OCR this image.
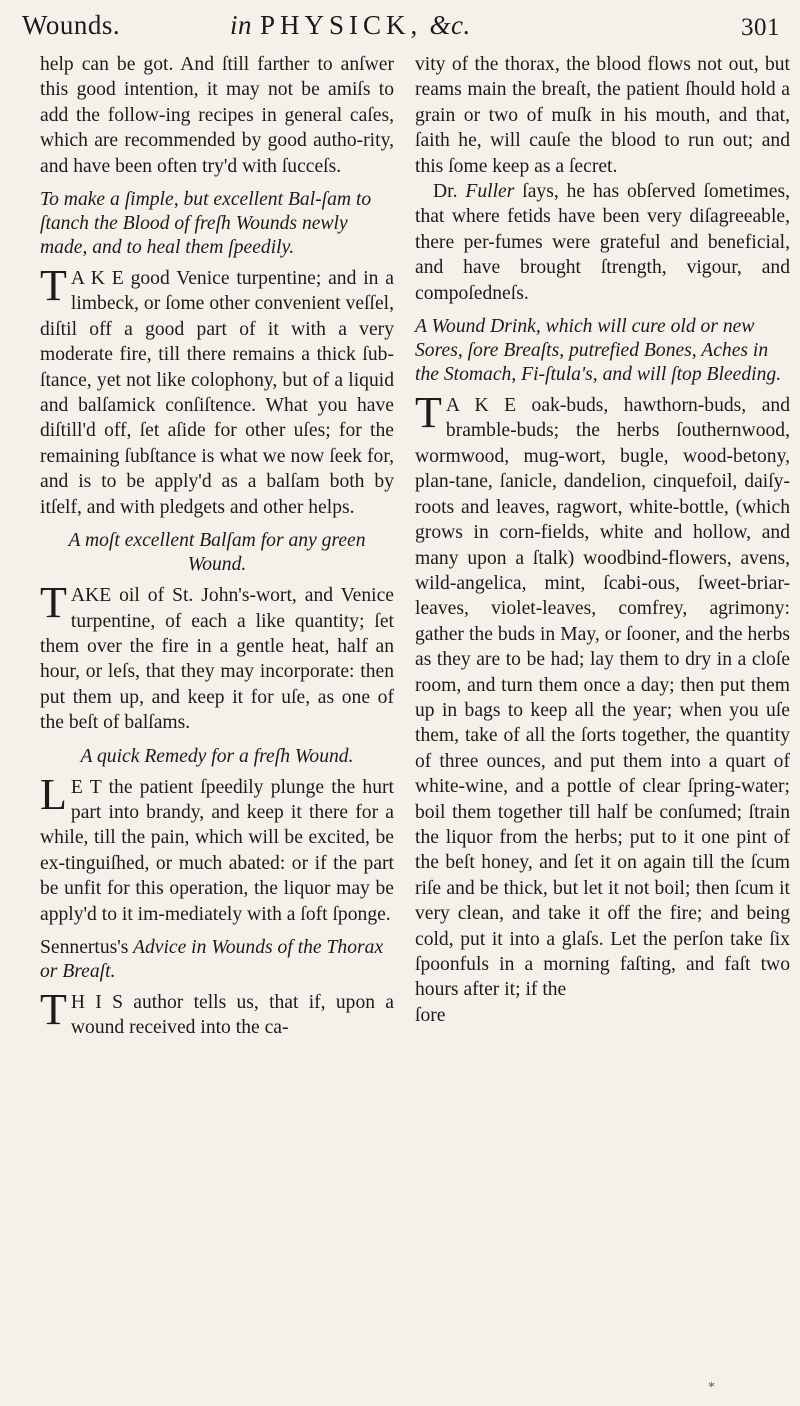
Wounds.	in PHYSICK, &c.	301

help can be got. And ſtill farther to anſwer this good intention, it may not be amiſs to add the follow-ing recipes in general caſes, which are recommended by good autho-rity, and have been often try'd with ſucceſs.

To make a ſimple, but excellent Bal-ſam to ſtanch the Blood of freſh Wounds newly made, and to heal them ſpeedily.

T A K E good Venice turpentine; and in a limbeck, or ſome other convenient veſſel, diſtil off a good part of it with a very moderate fire, till there remains a thick ſub-ſtance, yet not like colophony, but of a liquid and balſamick conſiſtence. What you have diſtill'd off, ſet aſide for other uſes; for the remaining ſubſtance is what we now ſeek for, and is to be apply'd as a balſam both by itſelf, and with pledgets and other helps.

A moſt excellent Balſam for any green Wound.

TAKE oil of St. John's-wort, and Venice turpentine, of each a like quantity; ſet them over the fire in a gentle heat, half an hour, or leſs, that they may incorporate: then put them up, and keep it for uſe, as one of the beſt of balſams.

A quick Remedy for a freſh Wound.

L E T the patient ſpeedily plunge the hurt part into brandy, and keep it there for a while, till the pain, which will be excited, be ex-tinguiſhed, or much abated: or if the part be unfit for this operation, the liquor may be apply'd to it im-mediately with a ſoft ſponge.

Sennertus's Advice in Wounds of the Thorax or Breaſt.

T H I S author tells us, that if, upon a wound received into the ca-

vity of the thorax, the blood flows not out, but reams main the breaſt, the patient ſhould hold a grain or two of muſk in his mouth, and that, ſaith he, will cauſe the blood to run out; and this ſome keep as a ſecret.

Dr. Fuller ſays, he has obſerved ſometimes, that where fetids have been very diſagreeable, there per-fumes were grateful and beneficial, and have brought ſtrength, vigour, and compoſedneſs.

A Wound Drink, which will cure old or new Sores, ſore Breaſts, putrefied Bones, Aches in the Stomach, Fi-ſtula's, and will ſtop Bleeding.

T A K E oak-buds, hawthorn-buds, and bramble-buds; the herbs ſouthernwood, wormwood, mug-wort, bugle, wood-betony, plan-tane, ſanicle, dandelion, cinquefoil, daiſy-roots and leaves, ragwort, white-bottle, (which grows in corn-fields, white and hollow, and many upon a ſtalk) woodbind-flowers, avens, wild-angelica, mint, ſcabi-ous, ſweet-briar-leaves, violet-leaves, comfrey, agrimony: gather the buds in May, or ſooner, and the herbs as they are to be had; lay them to dry in a cloſe room, and turn them once a day; then put them up in bags to keep all the year; when you uſe them, take of all the ſorts together, the quantity of three ounces, and put them into a quart of white-wine, and a pottle of clear ſpring-water; boil them together till half be conſumed; ſtrain the liquor from the herbs; put to it one pint of the beſt honey, and ſet it on again till the ſcum riſe and be thick, but let it not boil; then ſcum it very clean, and take it off the fire; and being cold, put it into a glaſs. Let the perſon take ſix ſpoonfuls in a morning faſting, and faſt two hours after it; if the

ſore

*
